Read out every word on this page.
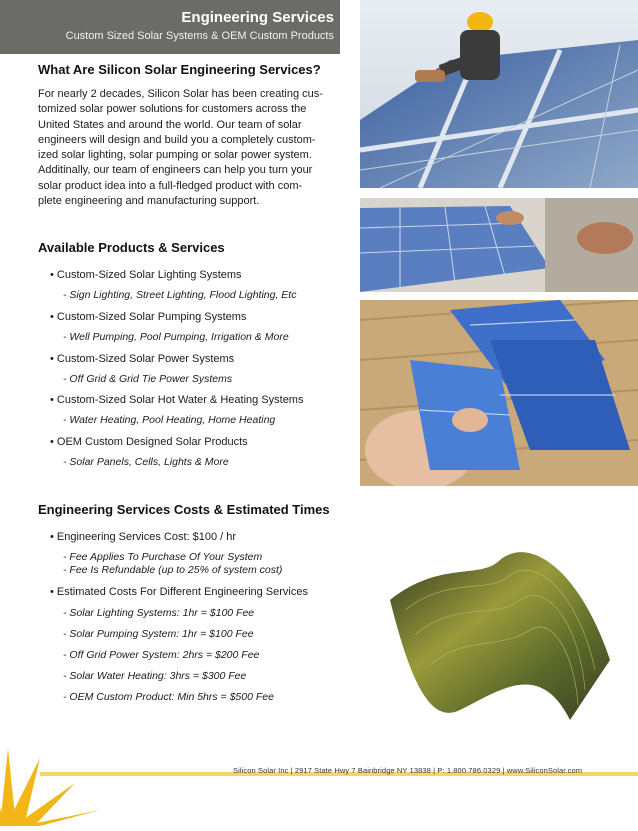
Engineering Services
Custom Sized Solar Systems & OEM Custom Products
What Are Silicon Solar Engineering Services?

For nearly 2 decades, Silicon Solar has been creating cus-
tomized solar power solutions for customers across the
United States and around the world. Our team of solar
engineers will design and build you a completely custom-
ized solar lighting, solar pumping or solar power system.
Additinally, our team of engineers can help you turn your
solar product idea into a full-fledged product with com-
plete engineering and manufacturing support.

Available Products & Services
• Custom-Sized Solar Lighting Systems
- Sign Lighting, Street Lighting, Flood Lighting, Etc
• Custom-Sized Solar Pumping Systems
- Well Pumping, Pool Pumping, Irrigation & More
• Custom-Sized Solar Power Systems
- Off Grid & Grid Tie Power Systems
• Custom-Sized Solar Hot Water & Heating Systems
- Water Heating, Pool Heating, Home Heating
• OEM Custom Designed Solar Products
- Solar Panels, Cells, Lights & More
Engineering Services Costs & Estimated Times
• Engineering Services Cost: $100 / hr
- Fee Applies To Purchase Of Your System
- Fee Is Refundable (up to 25% of system cost)
• Estimated Costs For Different Engineering Services
- Solar Lighting Systems: 1hr = $100 Fee
- Solar Pumping System: 1hr = $100 Fee
- Off Grid Power System: 2hrs = $200 Fee
- Solar Water Heating: 3hrs = $300 Fee
- OEM Custom Product: Min 5hrs = $500 Fee
Silicon Solar Inc | 2917 State Hwy 7 Bainbridge NY 13838 | P: 1.800.786.0329 | www.SiliconSolar.com
